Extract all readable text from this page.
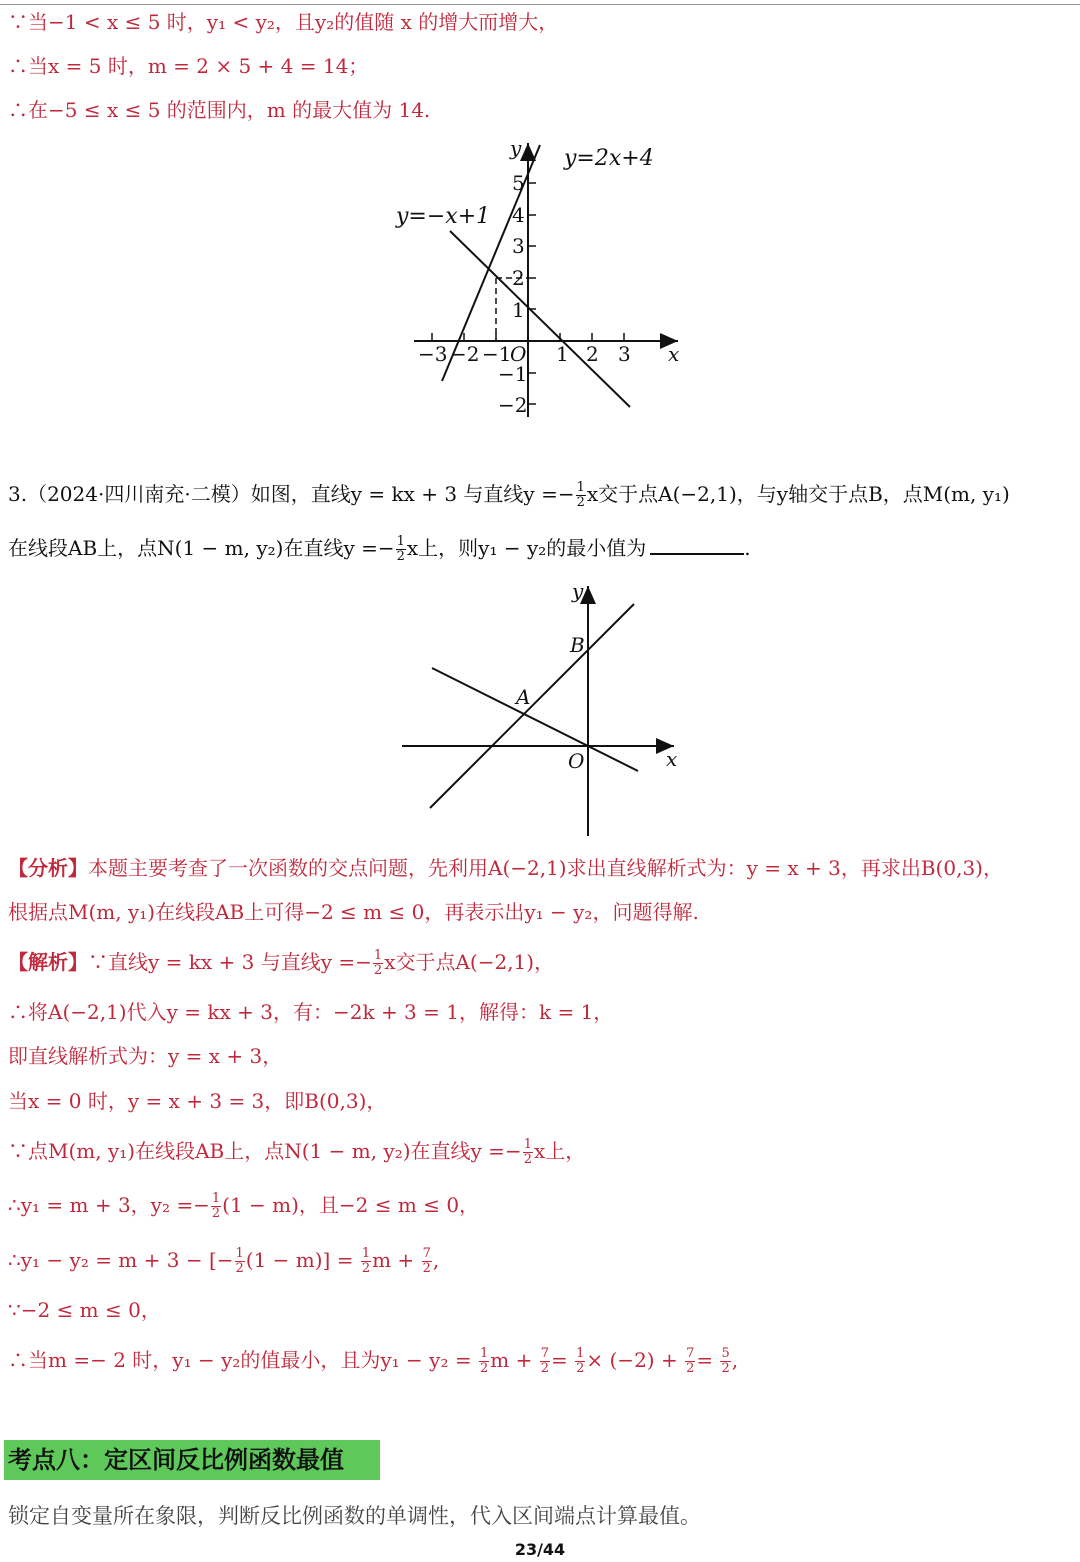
∵当−1 < x ≤ 5 时，y₁ < y₂，且y₂的值随 x 的增大而增大，
∴当x = 5 时，m = 2 × 5 + 4 = 14；
∴在−5 ≤ x ≤ 5 的范围内，m 的最大值为 14.
y=2x+4
y=−x+1
y
x
O
5
4
3
2
1
−1
−2
−3 −2 −1 1 2 3
3.（2024·四川南充·二模）如图，直线y = kx + 3 与直线$y =- \frac{1}{2}$ x交于点A(−2,1)，与y轴交于点B，点M(m, y₁)
在线段AB上，点N(1 − m, y₂)在直线$y =- \frac{1}{2}$ x上，则y₁ − y₂的最小值为	.
y
x
O
A
B
【分析】本题主要考查了一次函数的交点问题，先利用A(−2,1)求出直线解析式为：y = x + 3，再求出B(0,3)，
根据点M(m, y₁)在线段AB上可得−2 ≤ m ≤ 0，再表示出y₁ − y₂，问题得解.
【解析】∵直线y = kx + 3 与直线$y =- \frac{1}{2}$ x交于点A(−2,1)，
∴将A(−2,1)代入y = kx + 3，有：−2k + 3 = 1，解得：k = 1，
即直线解析式为：y = x + 3，
当x = 0 时，y = x + 3 = 3，即B(0,3)，
∵点M(m, y₁)在线段AB上，点N(1 − m, y₂)在直线$y =- \frac{1}{2}$ x上，
∴y₁ = m + 3，$y_2 =- \frac{1}{2} (1 - m)$，且−2 ≤ m ≤ 0，
∴y₁ − y₂ = m + 3 − [− $\frac{1}{2} (1 - m)] = \frac{1}{2}$ $m + \frac{7}{2}$ ,
∵−2 ≤ m ≤ 0，
∴当m =− 2 时，y₁ − y₂的值最小，且为$y_1 - y_2 = \frac{1}{2}$ $m + \frac{7}{2} = \frac{1}{2} \times (-2) + \frac{7}{2} = \frac{5}{2}$ ,
考点八：定区间反比例函数最值
锁定自变量所在象限，判断反比例函数的单调性，代入区间端点计算最值。
23/44
